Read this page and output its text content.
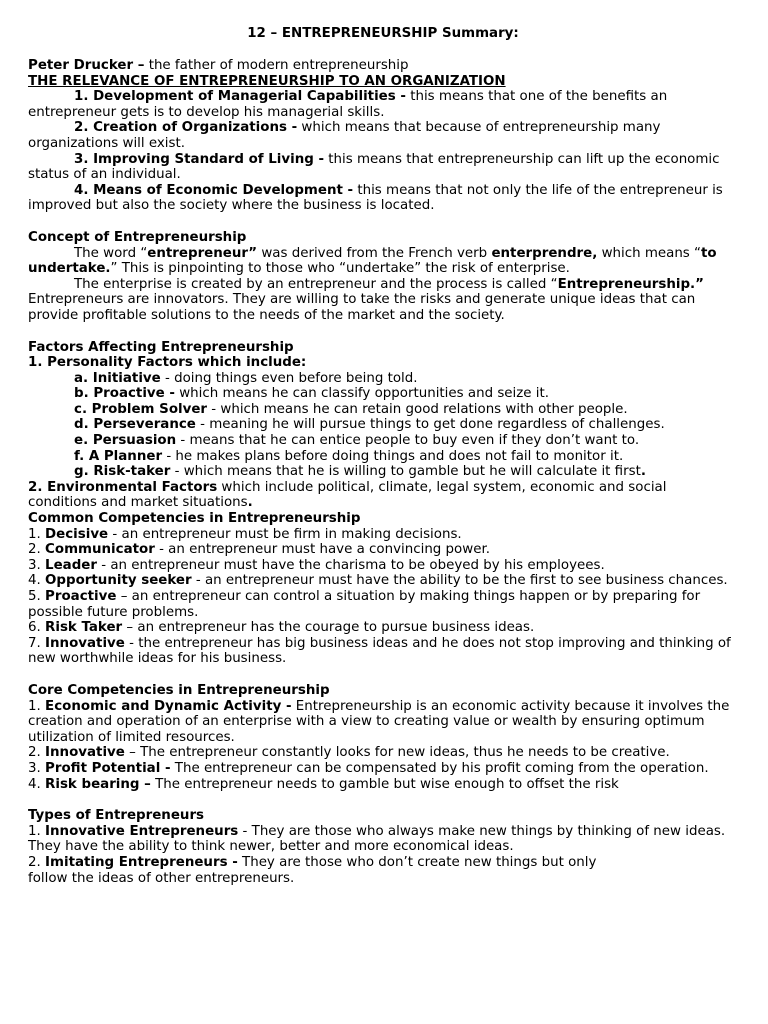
12 – ENTREPRENEURSHIP Summary:
Peter Drucker – the father of modern entrepreneurship
THE RELEVANCE OF ENTREPRENEURSHIP TO AN ORGANIZATION
1. Development of Managerial Capabilities - this means that one of the benefits an entrepreneur gets is to develop his managerial skills.
2. Creation of Organizations - which means that because of entrepreneurship many organizations will exist.
3. Improving Standard of Living - this means that entrepreneurship can lift up the economic status of an individual.
4. Means of Economic Development - this means that not only the life of the entrepreneur is improved but also the society where the business is located.
Concept of Entrepreneurship
The word “entrepreneur” was derived from the French verb enterprendre, which means “to undertake.” This is pinpointing to those who “undertake” the risk of enterprise.
The enterprise is created by an entrepreneur and the process is called “Entrepreneurship.” Entrepreneurs are innovators. They are willing to take the risks and generate unique ideas that can provide profitable solutions to the needs of the market and the society.
Factors Affecting Entrepreneurship
1. Personality Factors which include:
a. Initiative - doing things even before being told.
b. Proactive - which means he can classify opportunities and seize it.
c. Problem Solver - which means he can retain good relations with other people.
d. Perseverance - meaning he will pursue things to get done regardless of challenges.
e. Persuasion - means that he can entice people to buy even if they don’t want to.
f. A Planner - he makes plans before doing things and does not fail to monitor it.
g. Risk-taker - which means that he is willing to gamble but he will calculate it first.
2. Environmental Factors which include political, climate, legal system, economic and social conditions and market situations.
Common Competencies in Entrepreneurship
1. Decisive - an entrepreneur must be firm in making decisions.
2. Communicator - an entrepreneur must have a convincing power.
3. Leader - an entrepreneur must have the charisma to be obeyed by his employees.
4. Opportunity seeker - an entrepreneur must have the ability to be the first to see business chances.
5. Proactive – an entrepreneur can control a situation by making things happen or by preparing for possible future problems.
6. Risk Taker – an entrepreneur has the courage to pursue business ideas.
7. Innovative - the entrepreneur has big business ideas and he does not stop improving and thinking of new worthwhile ideas for his business.
Core Competencies in Entrepreneurship
1. Economic and Dynamic Activity - Entrepreneurship is an economic activity because it involves the creation and operation of an enterprise with a view to creating value or wealth by ensuring optimum utilization of limited resources.
2. Innovative – The entrepreneur constantly looks for new ideas, thus he needs to be creative.
3. Profit Potential - The entrepreneur can be compensated by his profit coming from the operation.
4. Risk bearing – The entrepreneur needs to gamble but wise enough to offset the risk
Types of Entrepreneurs
1. Innovative Entrepreneurs - They are those who always make new things by thinking of new ideas. They have the ability to think newer, better and more economical ideas.
2. Imitating Entrepreneurs - They are those who don’t create new things but only
follow the ideas of other entrepreneurs.
